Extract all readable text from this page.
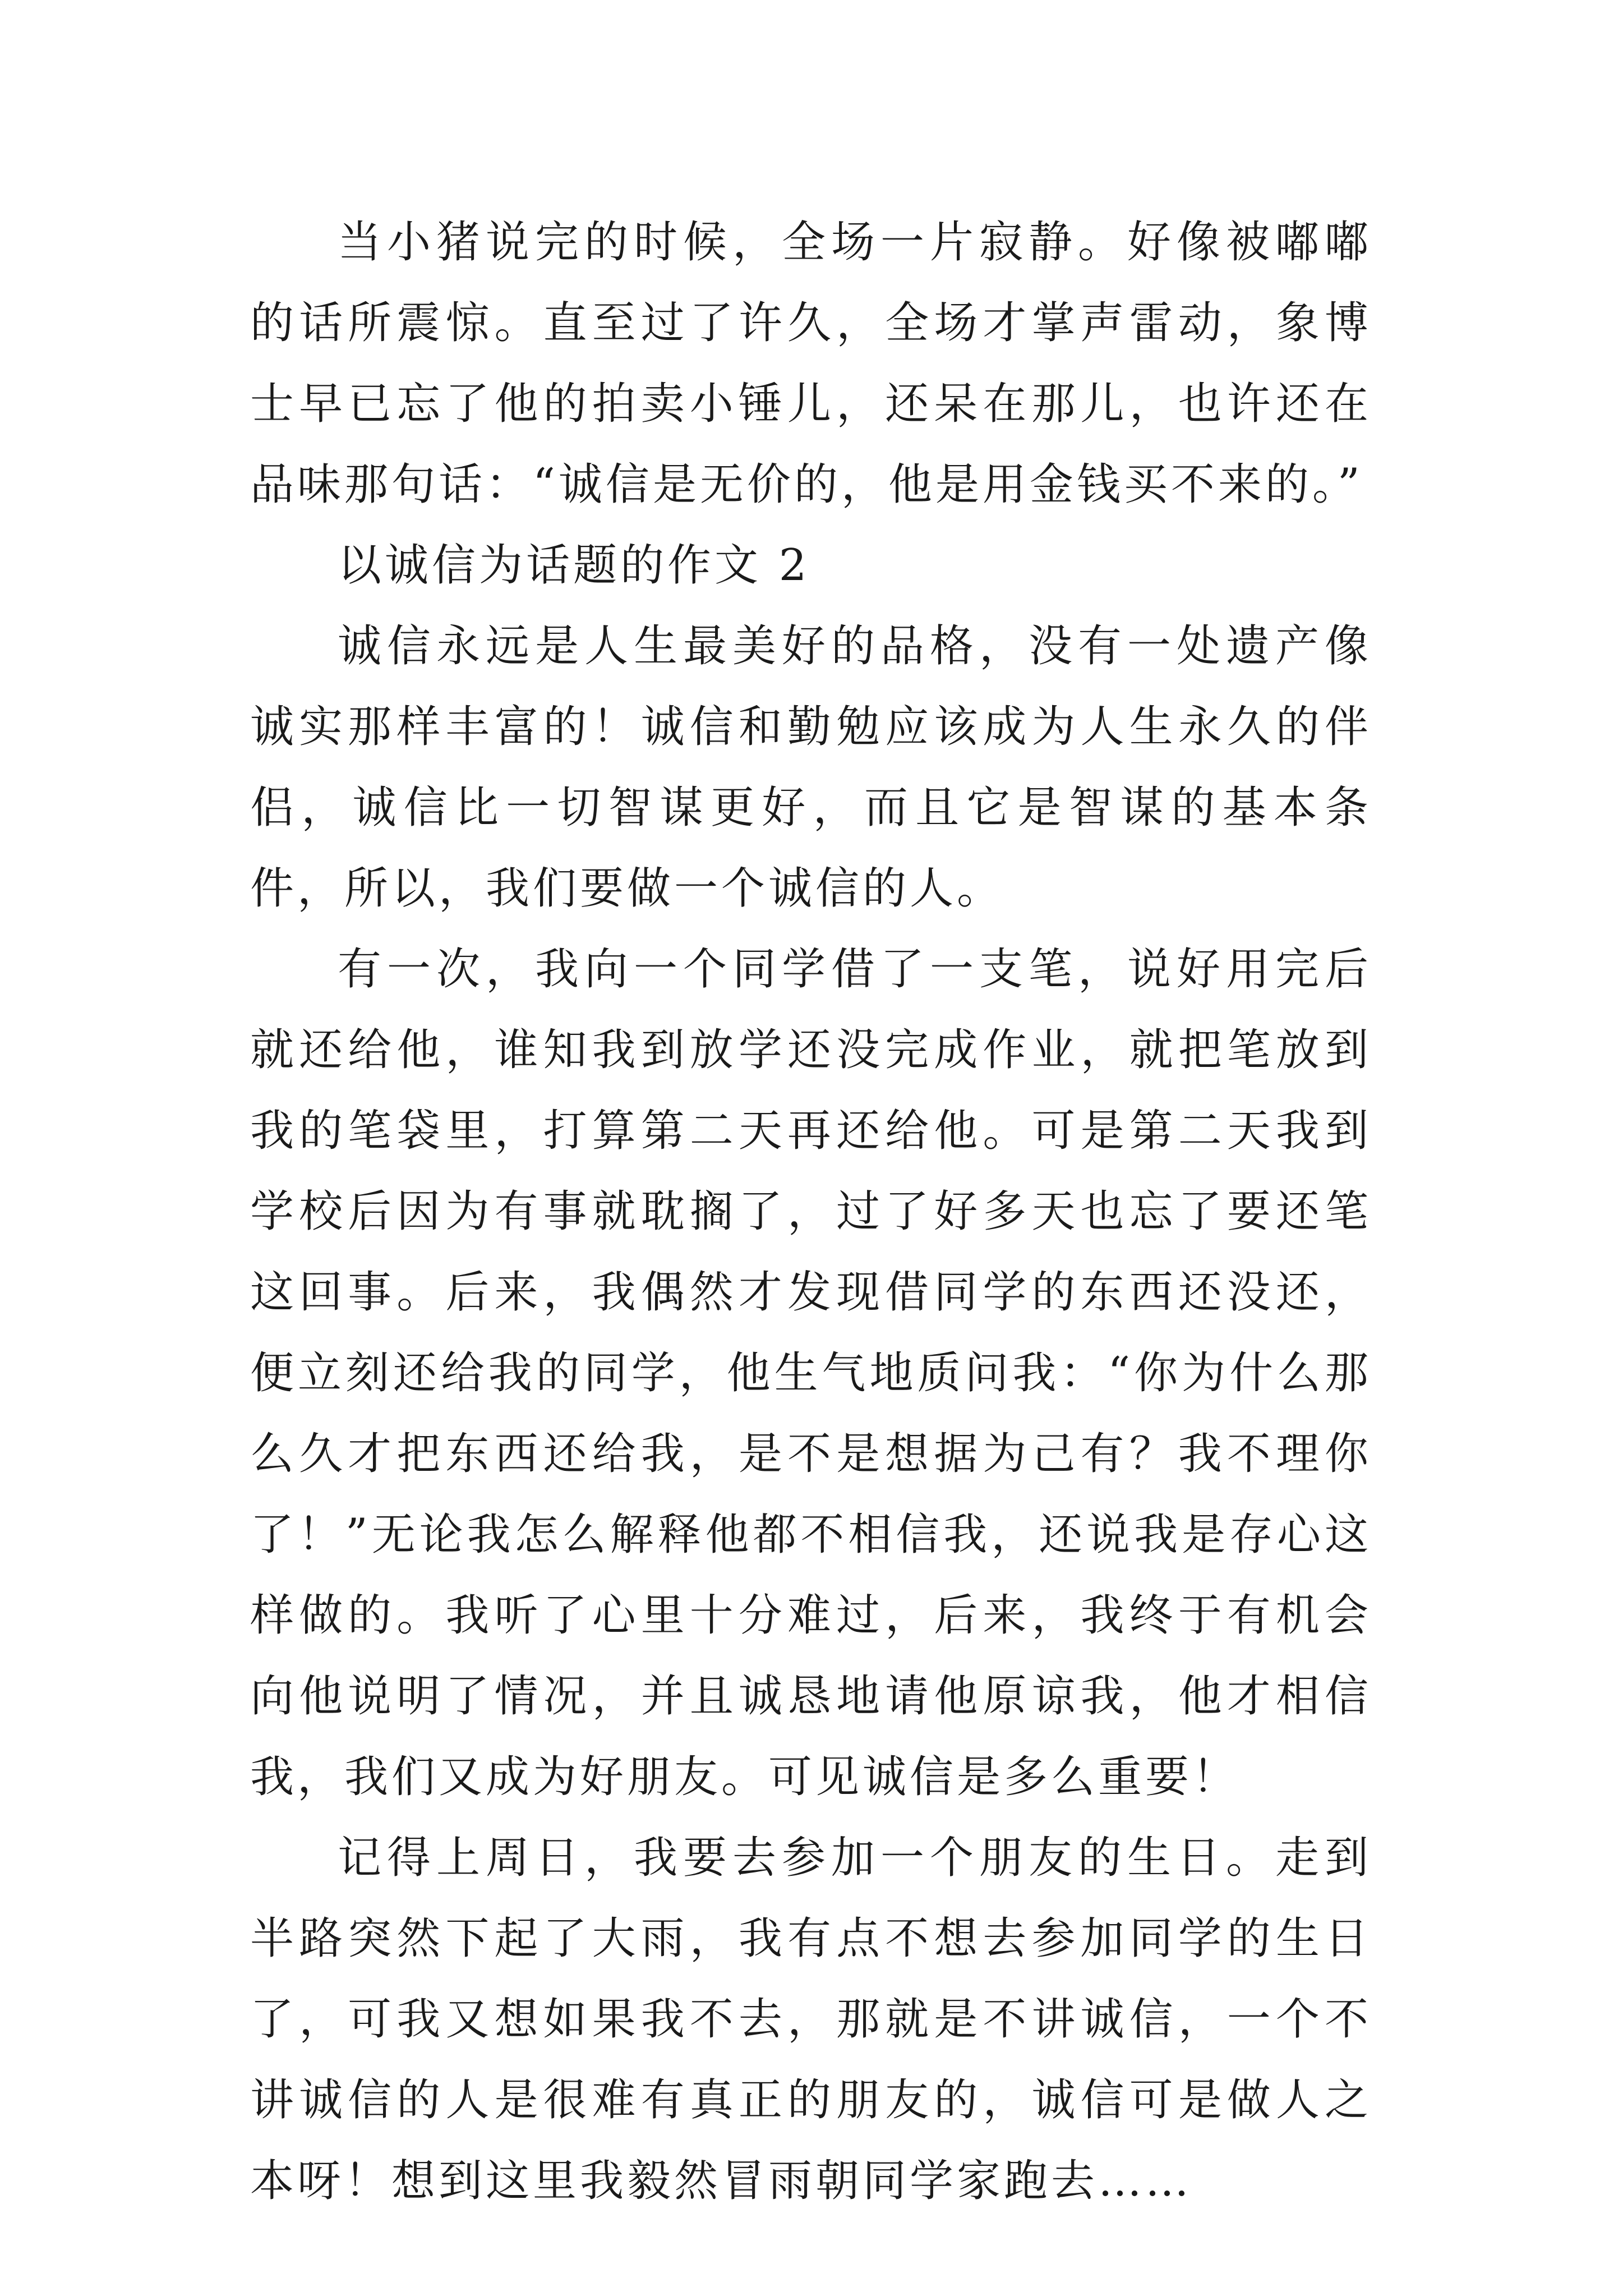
当小猪说完的时候，全场一片寂静。好像被嘟嘟的话所震惊。直至过了许久，全场才掌声雷动，象博士早已忘了他的拍卖小锤儿，还呆在那儿，也许还在品味那句话：“诚信是无价的，他是用金钱买不来的。”

以诚信为话题的作文 2

诚信永远是人生最美好的品格，没有一处遗产像诚实那样丰富的！诚信和勤勉应该成为人生永久的伴侣，诚信比一切智谋更好，而且它是智谋的基本条件，所以，我们要做一个诚信的人。

有一次，我向一个同学借了一支笔，说好用完后就还给他，谁知我到放学还没完成作业，就把笔放到我的笔袋里，打算第二天再还给他。可是第二天我到学校后因为有事就耽搁了，过了好多天也忘了要还笔这回事。后来，我偶然才发现借同学的东西还没还，便立刻还给我的同学，他生气地质问我：“你为什么那么久才把东西还给我，是不是想据为己有？我不理你了！”无论我怎么解释他都不相信我，还说我是存心这样做的。我听了心里十分难过，后来，我终于有机会向他说明了情况，并且诚恳地请他原谅我，他才相信我，我们又成为好朋友。可见诚信是多么重要！

记得上周日，我要去参加一个朋友的生日。走到半路突然下起了大雨，我有点不想去参加同学的生日了，可我又想如果我不去，那就是不讲诚信，一个不讲诚信的人是很难有真正的朋友的，诚信可是做人之本呀！想到这里我毅然冒雨朝同学家跑去……
